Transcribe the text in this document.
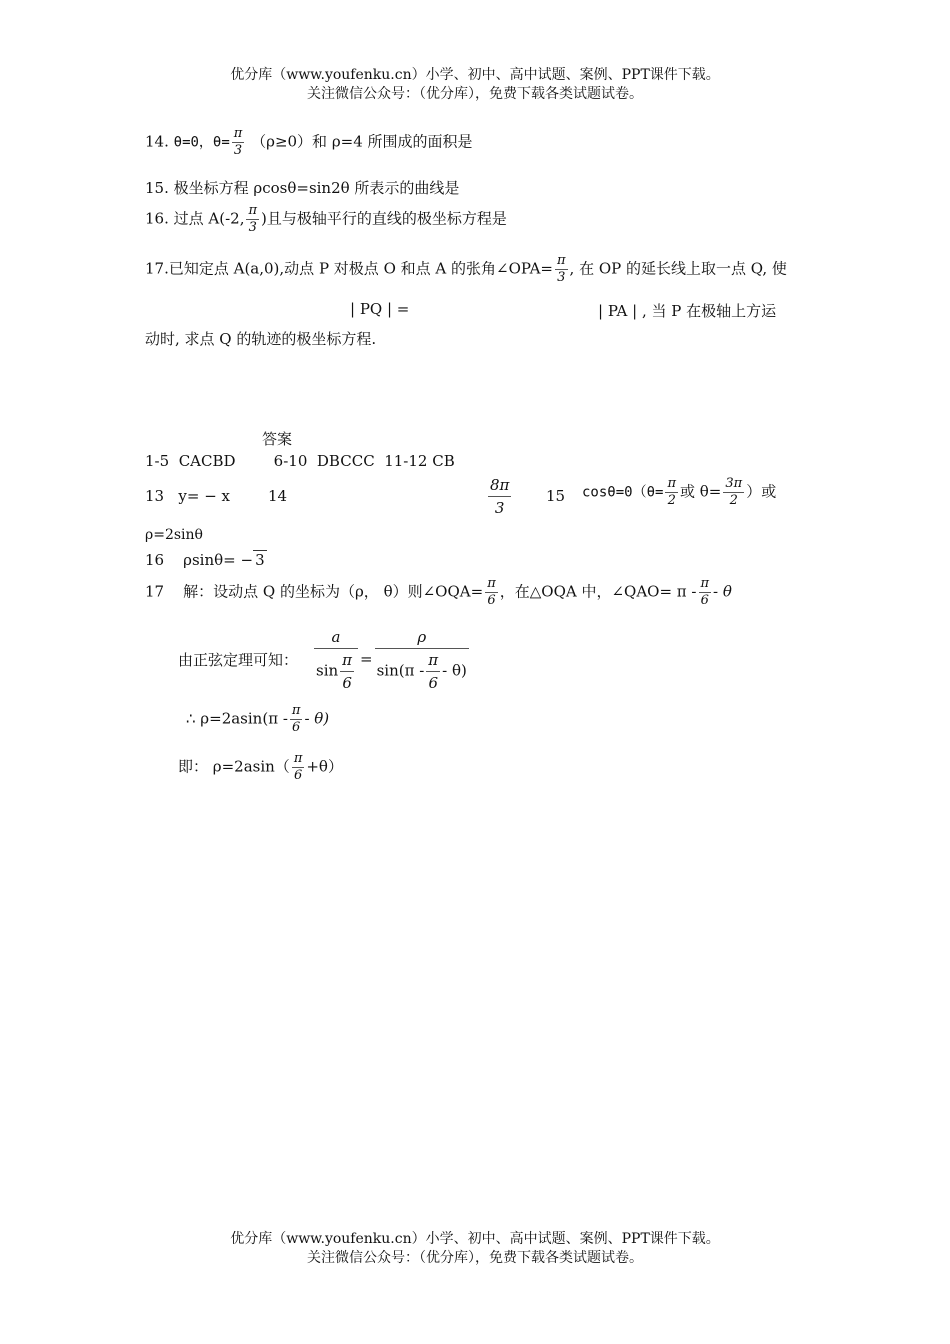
优分库（www.youfenku.cn）小学、初中、高中试题、案例、PPT课件下载。
关注微信公众号：（优分库），免费下载各类试题试卷。
14. θ=0，$\theta= \frac{\pi}{3} (\rho\ge 0)$和 ρ=4 所围成的面积是
15. 极坐标方程 ρcosθ=sin2θ 所表示的曲线是
16. 过点 A(-2, $\frac{\pi}{3}$ )且与极轴平行的直线的极坐标方程是
17.已知定点 A(a,0),动点 P 对极点 O 和点 A 的张角∠OPA= $\frac{\pi}{3}$ , 在 OP 的延长线上取一点 Q, 使
| PQ | =	| PA | , 当 P 在极轴上方运
动时, 求点 Q 的轨迹的极坐标方程.
答案
1-5  CACBD        6-10  DBCCC  11-12 CB
13   y= − x	14	$\frac{8\pi}{3} 15$ $\cos\theta=0(\theta= \frac{\pi}{2}$ 或 $\theta= \frac{3\pi}{2}$ ）或
ρ=2sinθ
16    ρsinθ= − 3
17    解：设动点 Q 的坐标为（ρ， θ）则∠OQA= $\frac{\pi}{6}$ ，在△OQA 中，∠QAO= π - $\frac{\pi}{6}$ - θ
由正弦定理可知： $\frac{a}{\sin \frac{\pi}{6}} = \frac{\rho}{\sin(\pi - \frac{\pi}{6} - \theta)}$
∴ $\rho=2asin(\pi - \frac{\pi}{6} - \theta)$
即： $\rho=2asin( \frac{\pi}{6} +\theta)$
优分库（www.youfenku.cn）小学、初中、高中试题、案例、PPT课件下载。
关注微信公众号：（优分库），免费下载各类试题试卷。
